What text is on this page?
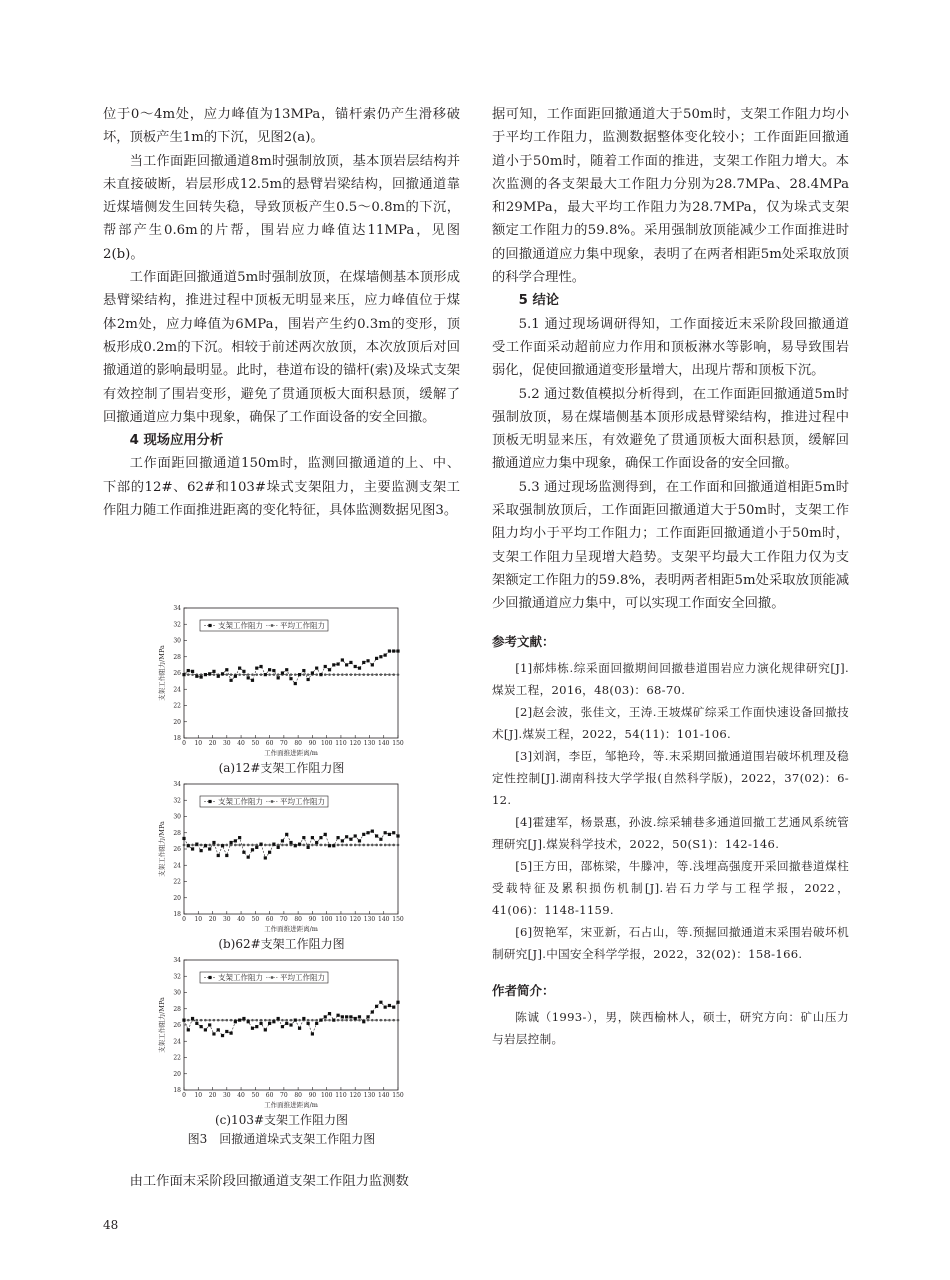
位于0～4m处，应力峰值为13MPa，锚杆索仍产生滑移破坏，顶板产生1m的下沉，见图2(a)。

当工作面距回撤通道8m时强制放顶，基本顶岩层结构并未直接破断，岩层形成12.5m的悬臂岩梁结构，回撤通道靠近煤墙侧发生回转失稳，导致顶板产生0.5～0.8m的下沉，帮部产生0.6m的片帮，围岩应力峰值达11MPa，见图2(b)。

工作面距回撤通道5m时强制放顶，在煤墙侧基本顶形成悬臂梁结构，推进过程中顶板无明显来压，应力峰值位于煤体2m处，应力峰值为6MPa，围岩产生约0.3m的变形，顶板形成0.2m的下沉。相较于前述两次放顶，本次放顶后对回撤通道的影响最明显。此时，巷道布设的锚杆(索)及垛式支架有效控制了围岩变形，避免了贯通顶板大面积悬顶，缓解了回撤通道应力集中现象，确保了工作面设备的安全回撤。

4 现场应用分析

工作面距回撤通道150m时，监测回撤通道的上、中、下部的12#、62#和103#垛式支架阻力，主要监测支架工作阻力随工作面推进距离的变化特征，具体监测数据见图3。

0 10 20 30 40 50 60 70 80 90 100 110 120 130 140 150
18
20
22
24
26
28
30
32
34
工作面推进距离/m
支架工作阻力/MPa
支架工作阻力 平均工作阻力
(a)12#支架工作阻力图
0 10 20 30 40 50 60 70 80 90 100 110 120 130 140 150
18
20
22
24
26
28
30
32
34
工作面推进距离/m
支架工作阻力/MPa
支架工作阻力 平均工作阻力
(b)62#支架工作阻力图
0 10 20 30 40 50 60 70 80 90 100 110 120 130 140 150
18
20
22
24
26
28
30
32
34
工作面推进距离/m
支架工作阻力/MPa
支架工作阻力 平均工作阻力
(c)103#支架工作阻力图
图3　回撤通道垛式支架工作阻力图

由工作面末采阶段回撤通道支架工作阻力监测数

据可知，工作面距回撤通道大于50m时，支架工作阻力均小于平均工作阻力，监测数据整体变化较小；工作面距回撤通道小于50m时，随着工作面的推进，支架工作阻力增大。本次监测的各支架最大工作阻力分别为28.7MPa、28.4MPa和29MPa，最大平均工作阻力为28.7MPa，仅为垛式支架额定工作阻力的59.8%。采用强制放顶能减少工作面推进时的回撤通道应力集中现象，表明了在两者相距5m处采取放顶的科学合理性。

5 结论

5.1 通过现场调研得知，工作面接近末采阶段回撤通道受工作面采动超前应力作用和顶板淋水等影响，易导致围岩弱化，促使回撤通道变形量增大，出现片帮和顶板下沉。

5.2 通过数值模拟分析得到，在工作面距回撤通道5m时强制放顶，易在煤墙侧基本顶形成悬臂梁结构，推进过程中顶板无明显来压，有效避免了贯通顶板大面积悬顶，缓解回撤通道应力集中现象，确保工作面设备的安全回撤。

5.3 通过现场监测得到，在工作面和回撤通道相距5m时采取强制放顶后，工作面距回撤通道大于50m时，支架工作阻力均小于平均工作阻力；工作面距回撤通道小于50m时，支架工作阻力呈现增大趋势。支架平均最大工作阻力仅为支架额定工作阻力的59.8%，表明两者相距5m处采取放顶能减少回撤通道应力集中，可以实现工作面安全回撤。

参考文献：

[1]郝炜栋.综采面回撤期间回撤巷道围岩应力演化规律研究[J].煤炭工程，2016，48(03)：68-70.

[2]赵会波，张佳文，王涛.王坡煤矿综采工作面快速设备回撤技术[J].煤炭工程，2022，54(11)：101-106.

[3]刘润，李臣，邹艳玲，等.末采期回撤通道围岩破坏机理及稳定性控制[J].湖南科技大学学报(自然科学版)，2022，37(02)：6-12.

[4]霍建军，杨景惠，孙波.综采辅巷多通道回撤工艺通风系统管理研究[J].煤炭科学技术，2022，50(S1)：142-146.

[5]王方田，邵栋梁，牛滕冲，等.浅埋高强度开采回撤巷道煤柱受载特征及累积损伤机制[J].岩石力学与工程学报，2022，41(06)：1148-1159.

[6]贺艳军，宋亚新，石占山，等.预掘回撤通道末采围岩破坏机制研究[J].中国安全科学学报，2022，32(02)：158-166.

作者简介：

陈诚（1993-），男，陕西榆林人，硕士，研究方向：矿山压力与岩层控制。

48
